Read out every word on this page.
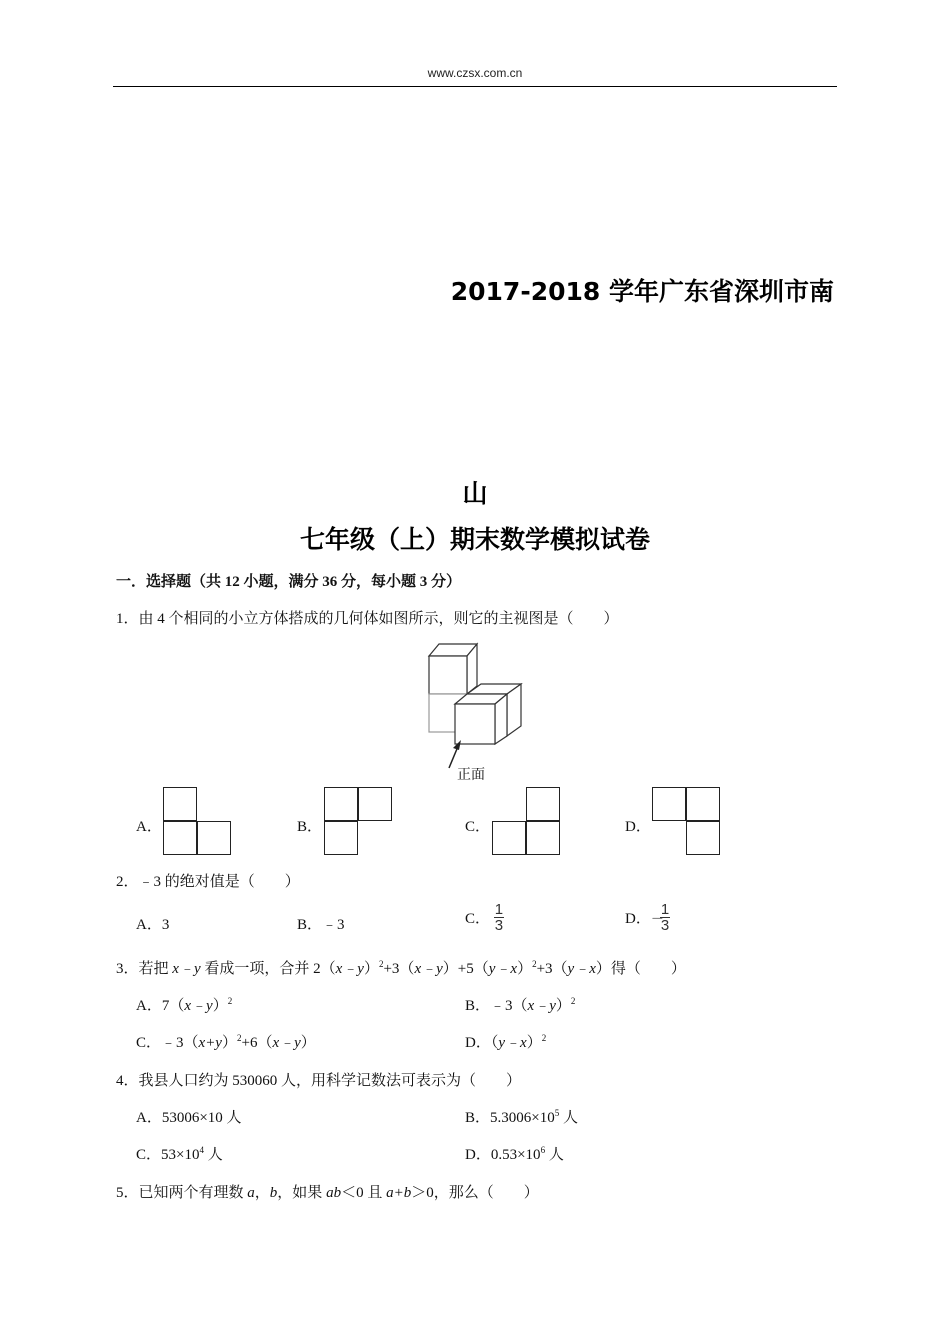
www.czsx.com.cn
2017-2018 学年广东省深圳市南
山
七年级（上）期末数学模拟试卷
一．选择题（共 12 小题，满分 36 分，每小题 3 分）
1．由 4 个相同的小立方体搭成的几何体如图所示，则它的主视图是（　　）
正面
A．	B．	C．	D．
2．﹣3 的绝对值是（　　）
A．3	B．﹣3	C． $\frac{1}{3}$	D．－
$\frac{1}{3}$
3．若把 x﹣y 看成一项，合并 2（x﹣y）$^2$+3（x﹣y）+5（y﹣x）$^2$+3（y﹣x）得（　　）
A．7（x﹣y）$^2$	B．﹣3（x﹣y）$^2$
C．$﹣3(x+y)^2+6(x﹣y)$	D．（y﹣x）$^2$
4．我县人口约为 530060 人，用科学记数法可表示为（　　）
A．53006×10 人	B．$5.3006\times 10^5$ 人
C．$53\times 10^4$ 人	D．$0.53\times 10^6$ 人
5．已知两个有理数 a，b，如果 ab＜0 且 a+b＞0，那么（　　）
